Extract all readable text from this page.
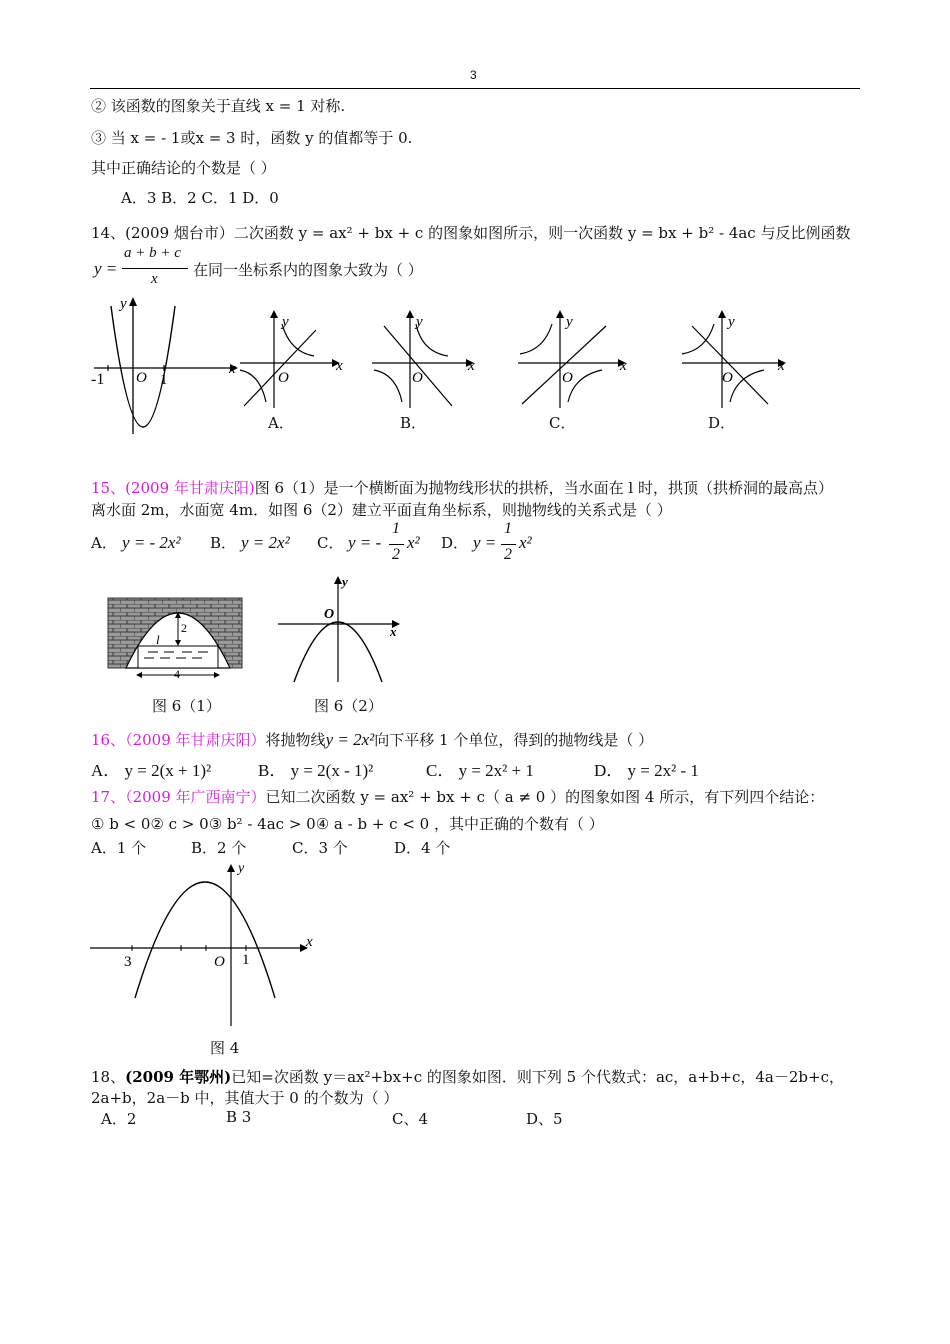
3
② 该函数的图象关于直线 x = 1 对称.
③ 当 x = - 1或x = 3 时，函数 y 的值都等于 0.
其中正确结论的个数是（ ）
A．3 B．2 C．1 D．0
14、(2009 烟台市）二次函数 y = ax² + bx + c 的图象如图所示，则一次函数 y = bx + b² - 4ac 与反比例函数
y =
a + b + c
x 在同一坐标系内的图象大致为（ ）
y
x
O
-1	1
y
x
O
y
x
O
y
x
O
y
x
O
A．	B．	C．	D．
15、(2009 年甘肃庆阳)图 6（1）是一个横断面为抛物线形状的拱桥，当水面在 l 时，拱顶（拱桥洞的最高点）
离水面 2m，水面宽 4m．如图 6（2）建立平面直角坐标系，则抛物线的关系式是（ ）
A． y = - 2x² B． y = 2x² C． y = -
1
2
x² D． y =
1
2
x²
2
l
4
y
O
x
图 6（1）	图 6（2）
16、（2009 年甘肃庆阳）将抛物线y = 2x²向下平移 1 个单位，得到的抛物线是（ ）
A． y = 2(x + 1)²	B． y = 2(x - 1)²	C． y = 2x² + 1	D． y = 2x² - 1
17、（2009 年广西南宁）已知二次函数 y = ax² + bx + c（ a ≠ 0 ）的图象如图 4 所示，有下列四个结论：
① b < 0② c > 0③ b² - 4ac > 0④ a - b + c < 0 ，其中正确的个数有（ ）
A．1 个	B．2 个	C．3 个	D．4 个
y
x
3	O 1
图 4
18、(2009 年鄂州)已知=次函数 y＝ax²+bx+c 的图象如图．则下列 5 个代数式：ac，a+b+c，4a－2b+c，
2a+b，2a－b 中，其值大于 0 的个数为（ ）
A．2	B 3	C、4	D、5
